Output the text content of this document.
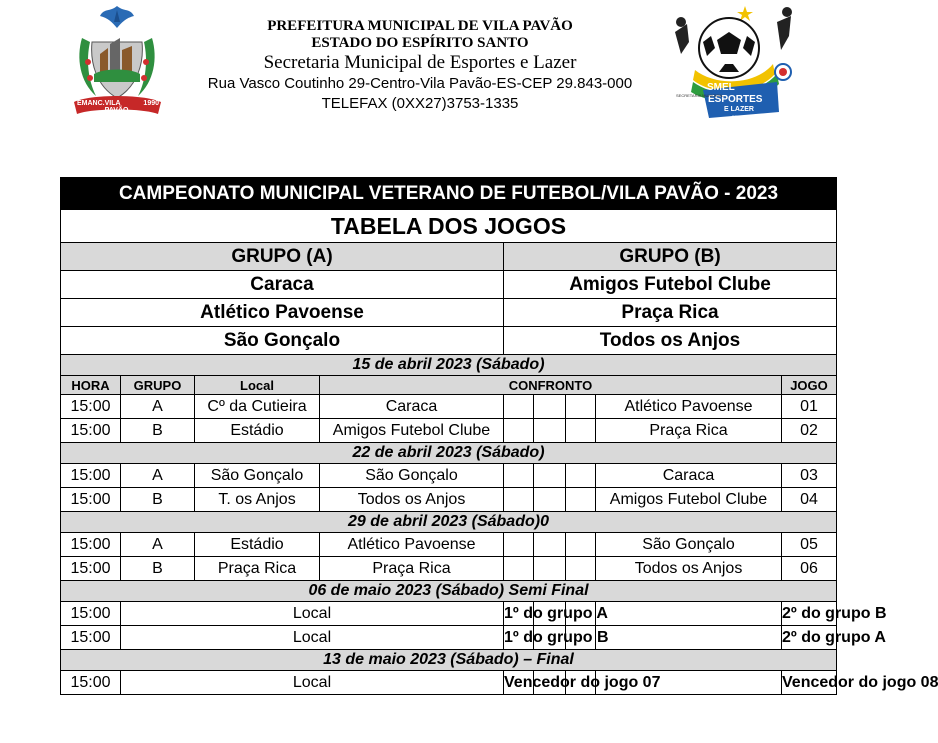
EMANC. VILA PAVÃO
1990
PREFEITURA MUNICIPAL DE VILA PAVÃO
ESTADO DO ESPÍRITO SANTO
Secretaria Municipal de Esportes e Lazer
Rua Vasco Coutinho 29-Centro-Vila Pavão-ES-CEP 29.843-000
TELEFAX (0XX27)3753-1335
SMEL
ESPORTES
E LAZER
SECRETARIA MUNICIPAL
DE VILA PAVÃO
CAMPEONATO MUNICIPAL VETERANO DE FUTEBOL/VILA PAVÃO - 2023									
TABELA DOS JOGOS									
GRUPO (A)				GRUPO (B)					
Caraca				Amigos Futebol Clube					
Atlético Pavoense				Praça Rica					
São Gonçalo				Todos os Anjos					
15 de abril 2023 (Sábado)									
HORA	GRUPO	Local	CONFRONTO					JOGO	
15:00	A	Cº da Cutieira	Caraca				Atlético Pavoense	01	
15:00	B	Estádio	Amigos Futebol Clube				Praça Rica	02	
22 de abril 2023 (Sábado)									
15:00	A	São Gonçalo	São Gonçalo				Caraca	03	
15:00	B	T. os Anjos	Todos os Anjos				Amigos Futebol Clube	04	
29 de abril 2023 (Sábado)0									
15:00	A	Estádio	Atlético Pavoense				São Gonçalo	05	
15:00	B	Praça Rica	Praça Rica				Todos os Anjos	06	
06 de maio 2023 (Sábado) Semi Final									
15:00	Local			1º do grupo A				2º do grupo B	
15:00	Local			1º do grupo B				2º do grupo A	
13 de maio 2023 (Sábado) – Final									
15:00	Local			Vencedor do jogo 07				Vencedor do jogo 08	
